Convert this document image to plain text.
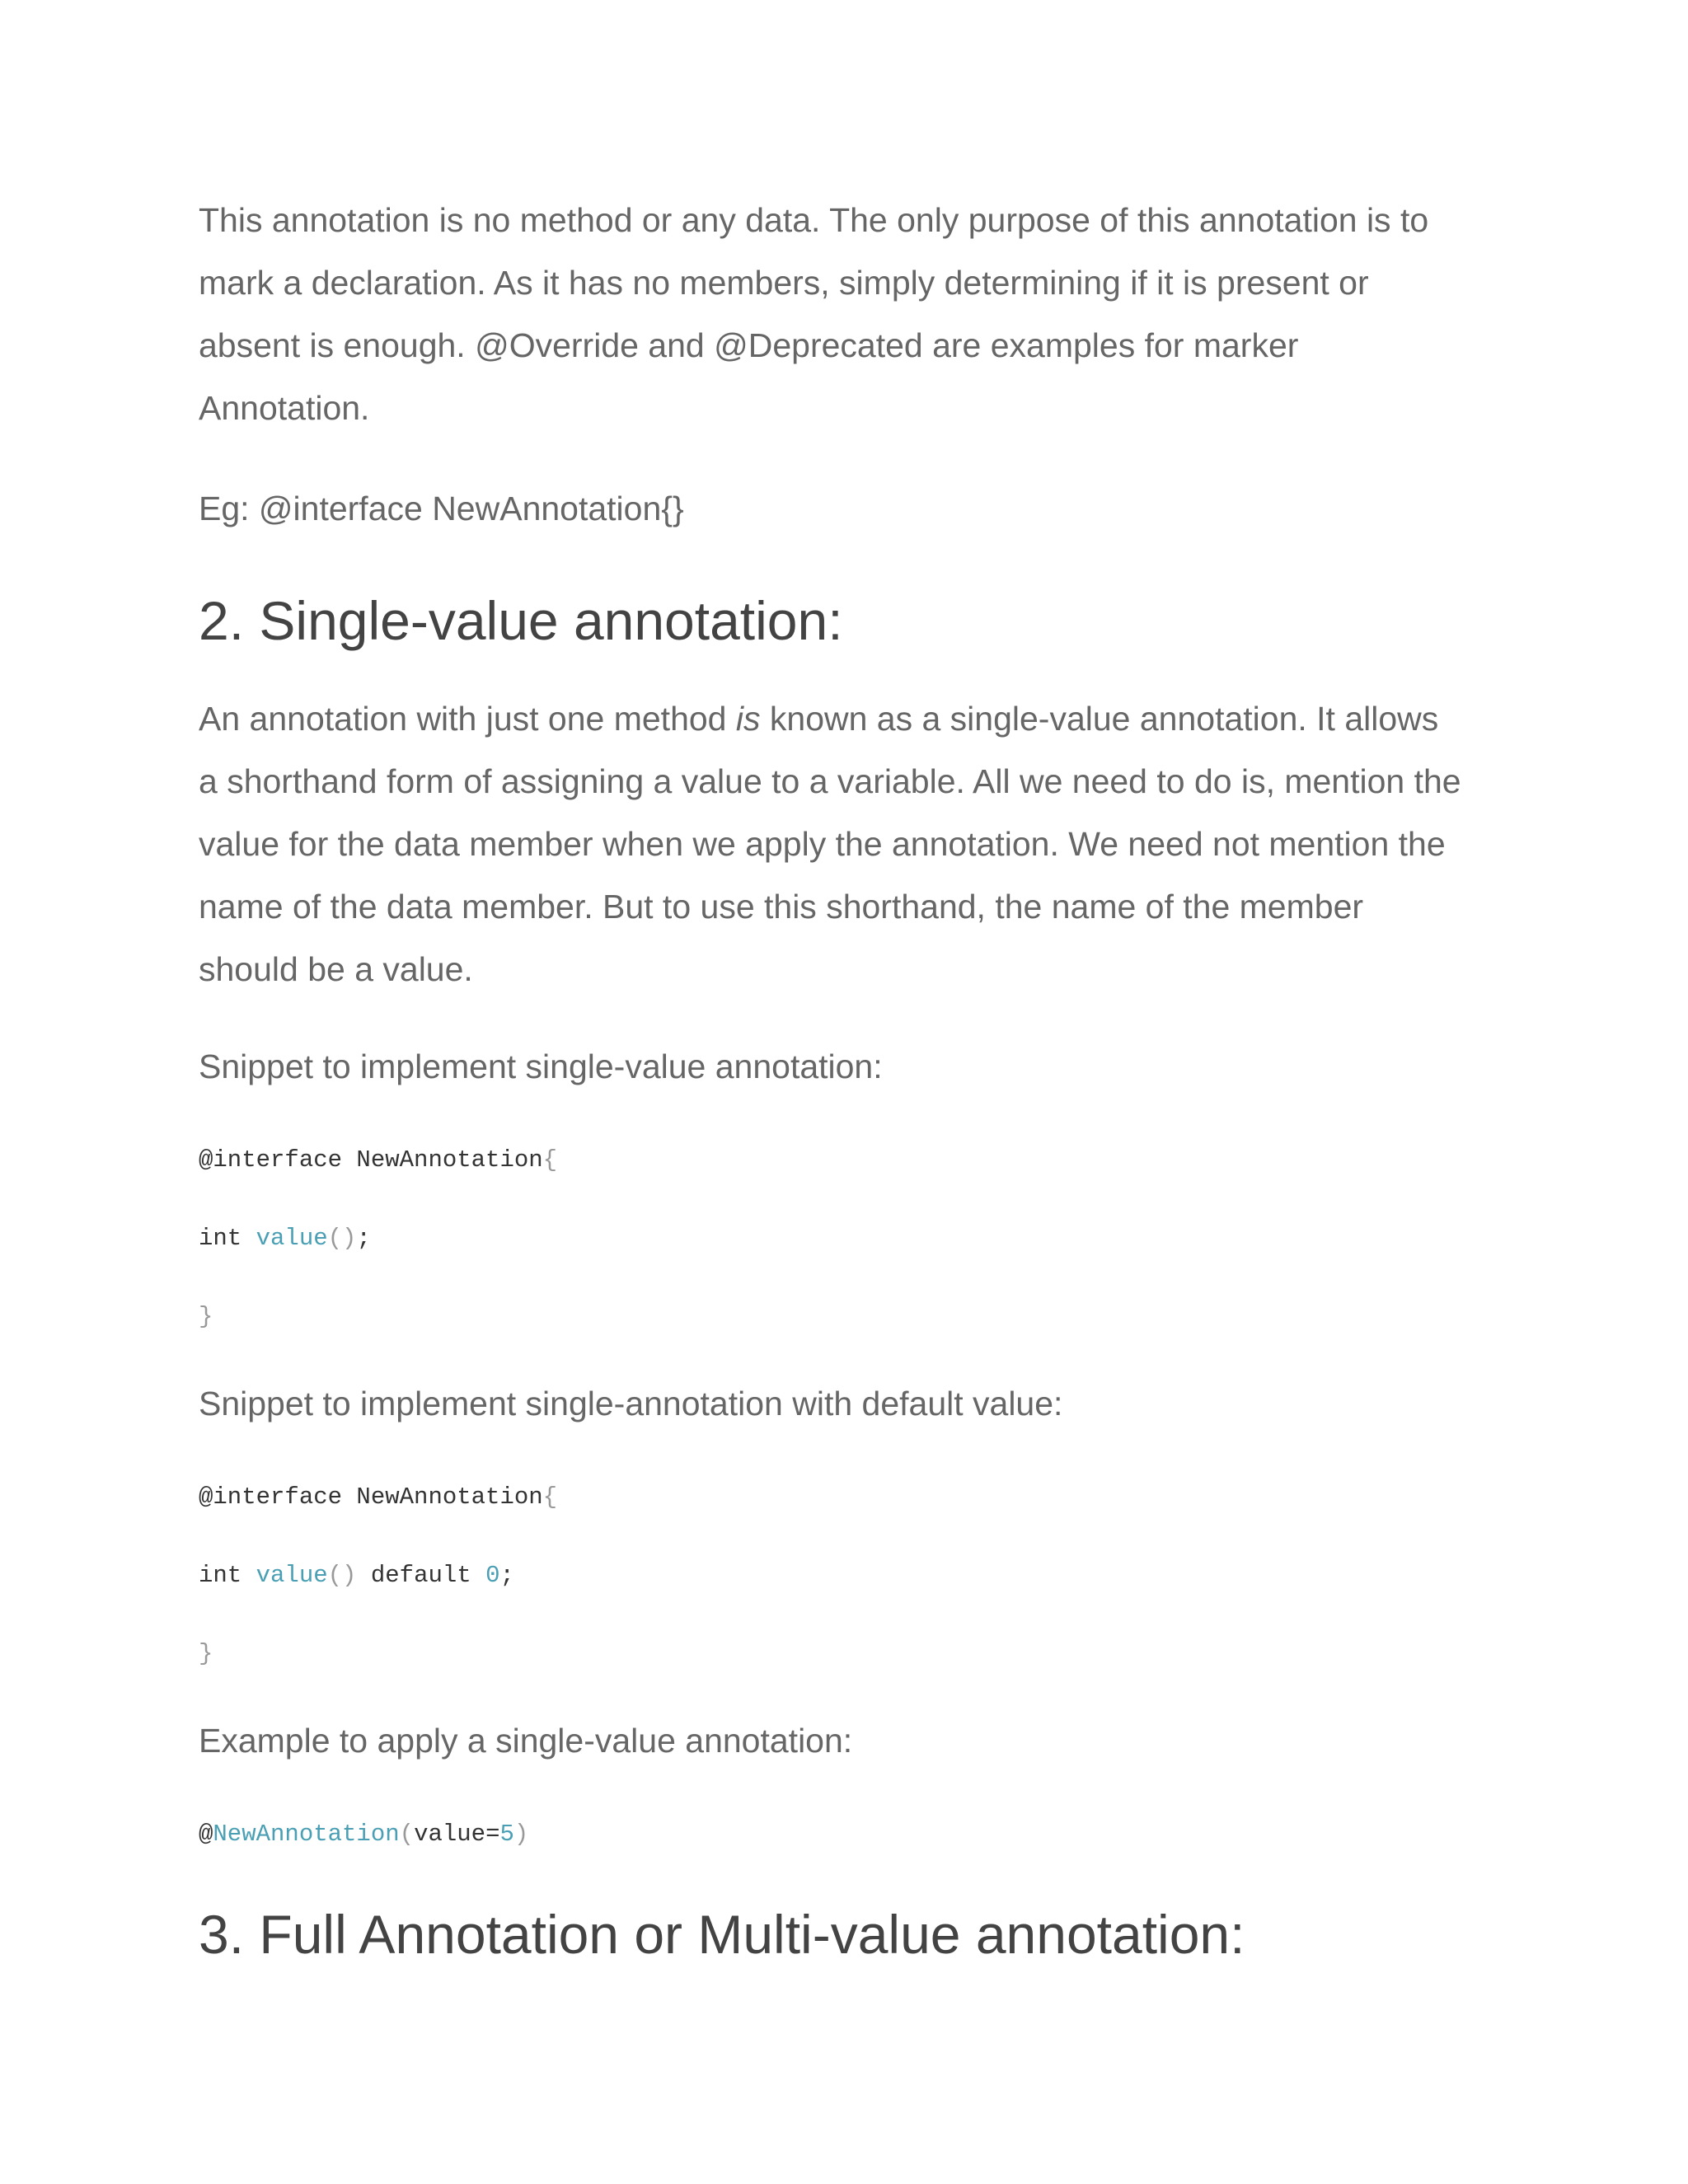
This annotation is no method or any data. The only purpose of this annotation is to
mark a declaration. As it has no members, simply determining if it is present or
absent is enough. @Override and @Deprecated are examples for marker
Annotation.

Eg: @interface NewAnnotation{}

2. Single-value annotation:
An annotation with just one method is known as a single-value annotation. It allows
a shorthand form of assigning a value to a variable. All we need to do is, mention the
value for the data member when we apply the annotation. We need not mention the
name of the data member. But to use this shorthand, the name of the member
should be a value.

Snippet to implement single-value annotation:

@interface NewAnnotation{
int value();
}

Snippet to implement single-annotation with default value:

@interface NewAnnotation{
int value() default 0;
}

Example to apply a single-value annotation:

@NewAnnotation(value=5)
3. Full Annotation or Multi-value annotation:
